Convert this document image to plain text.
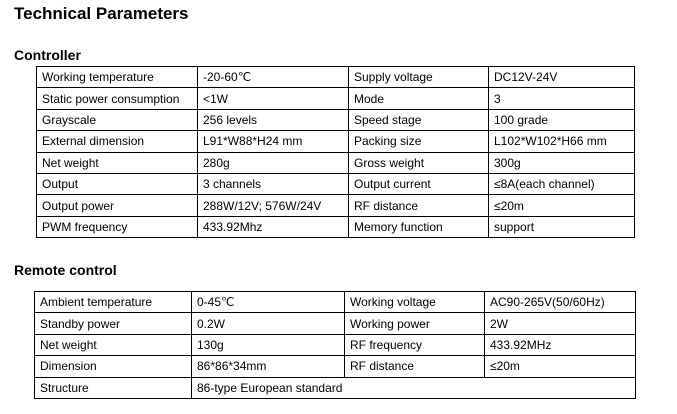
Technical Parameters
Controller
Working temperature	-20-60℃	Supply voltage	DC12V-24V
Static power consumption	<1W	Mode	3
Grayscale	256 levels	Speed stage	100 grade
External dimension	L91*W88*H24 mm	Packing size	L102*W102*H66 mm
Net weight	280g	Gross weight	300g
Output	3 channels	Output current	≤8A(each channel)
Output power	288W/12V; 576W/24V	RF distance	≤20m
PWM frequency	433.92Mhz	Memory function	support
Remote control
Ambient temperature	0-45℃	Working voltage	AC90-265V(50/60Hz)
Standby power	0.2W	Working power	2W
Net weight	130g	RF frequency	433.92MHz
Dimension	86*86*34mm	RF distance	≤20m
Structure	86-type European standard		
